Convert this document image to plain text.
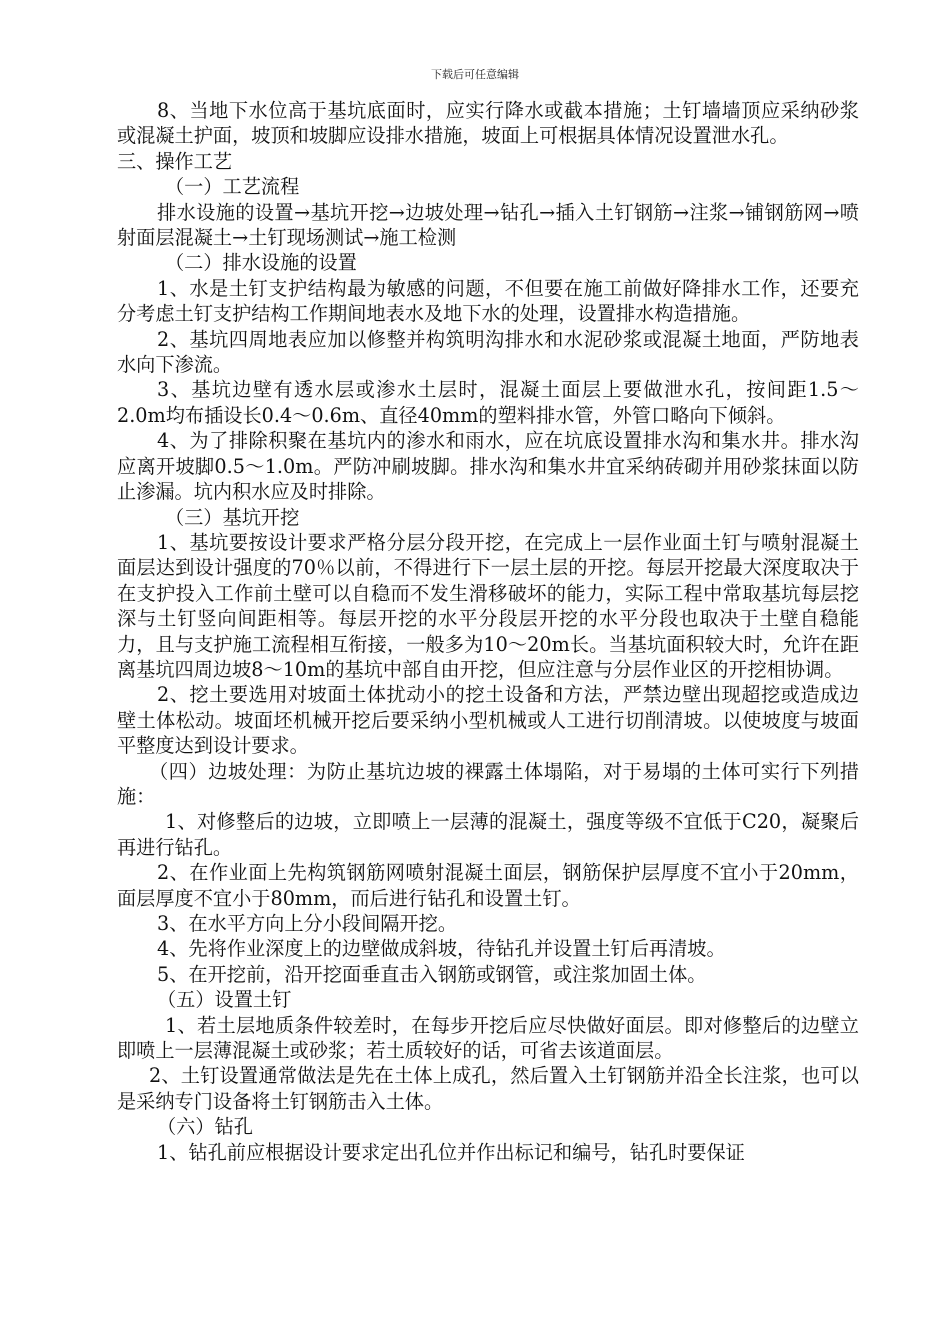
下载后可任意编辑

8、当地下水位高于基坑底面时，应实行降水或截本措施；土钉墙墙顶应采纳砂浆或混凝土护面，坡顶和坡脚应设排水措施，坡面上可根据具体情况设置泄水孔。

三、操作工艺

（一）工艺流程

排水设施的设置→基坑开挖→边坡处理→钻孔→插入土钉钢筋→注浆→铺钢筋网→喷射面层混凝土→土钉现场测试→施工检测

（二）排水设施的设置

1、水是土钉支护结构最为敏感的问题，不但要在施工前做好降排水工作，还要充分考虑土钉支护结构工作期间地表水及地下水的处理，设置排水构造措施。

2、基坑四周地表应加以修整并构筑明沟排水和水泥砂浆或混凝土地面，严防地表水向下渗流。

3、基坑边壁有透水层或渗水土层时，混凝土面层上要做泄水孔，按间距1.5～2.0m均布插设长0.4～0.6m、直径40mm的塑料排水管，外管口略向下倾斜。

4、为了排除积聚在基坑内的渗水和雨水，应在坑底设置排水沟和集水井。排水沟应离开坡脚0.5～1.0m。严防冲刷坡脚。排水沟和集水井宜采纳砖砌并用砂浆抹面以防止渗漏。坑内积水应及时排除。

（三）基坑开挖

1、基坑要按设计要求严格分层分段开挖，在完成上一层作业面土钉与喷射混凝土面层达到设计强度的70％以前，不得进行下一层土层的开挖。每层开挖最大深度取决于在支护投入工作前土壁可以自稳而不发生滑移破坏的能力，实际工程中常取基坑每层挖深与土钉竖向间距相等。每层开挖的水平分段层开挖的水平分段也取决于土壁自稳能力，且与支护施工流程相互衔接，一般多为10～20m长。当基坑面积较大时，允许在距离基坑四周边坡8～10m的基坑中部自由开挖，但应注意与分层作业区的开挖相协调。

2、挖土要选用对坡面土体扰动小的挖土设备和方法，严禁边壁出现超挖或造成边壁土体松动。坡面坯机械开挖后要采纳小型机械或人工进行切削清坡。以使坡度与坡面平整度达到设计要求。

（四）边坡处理：为防止基坑边坡的裸露土体塌陷，对于易塌的土体可实行下列措施：

1、对修整后的边坡，立即喷上一层薄的混凝土，强度等级不宜低于C20，凝聚后再进行钻孔。

2、在作业面上先构筑钢筋网喷射混凝土面层，钢筋保护层厚度不宜小于20mm，面层厚度不宜小于80mm，而后进行钻孔和设置土钉。

3、在水平方向上分小段间隔开挖。

4、先将作业深度上的边壁做成斜坡，待钻孔并设置土钉后再清坡。

5、在开挖前，沿开挖面垂直击入钢筋或钢管，或注浆加固土体。

（五）设置土钉

1、若土层地质条件较差时，在每步开挖后应尽快做好面层。即对修整后的边壁立即喷上一层薄混凝土或砂浆；若土质较好的话，可省去该道面层。

2、土钉设置通常做法是先在土体上成孔，然后置入土钉钢筋并沿全长注浆，也可以是采纳专门设备将土钉钢筋击入土体。

（六）钻孔

1、钻孔前应根据设计要求定出孔位并作出标记和编号，钻孔时要保证
